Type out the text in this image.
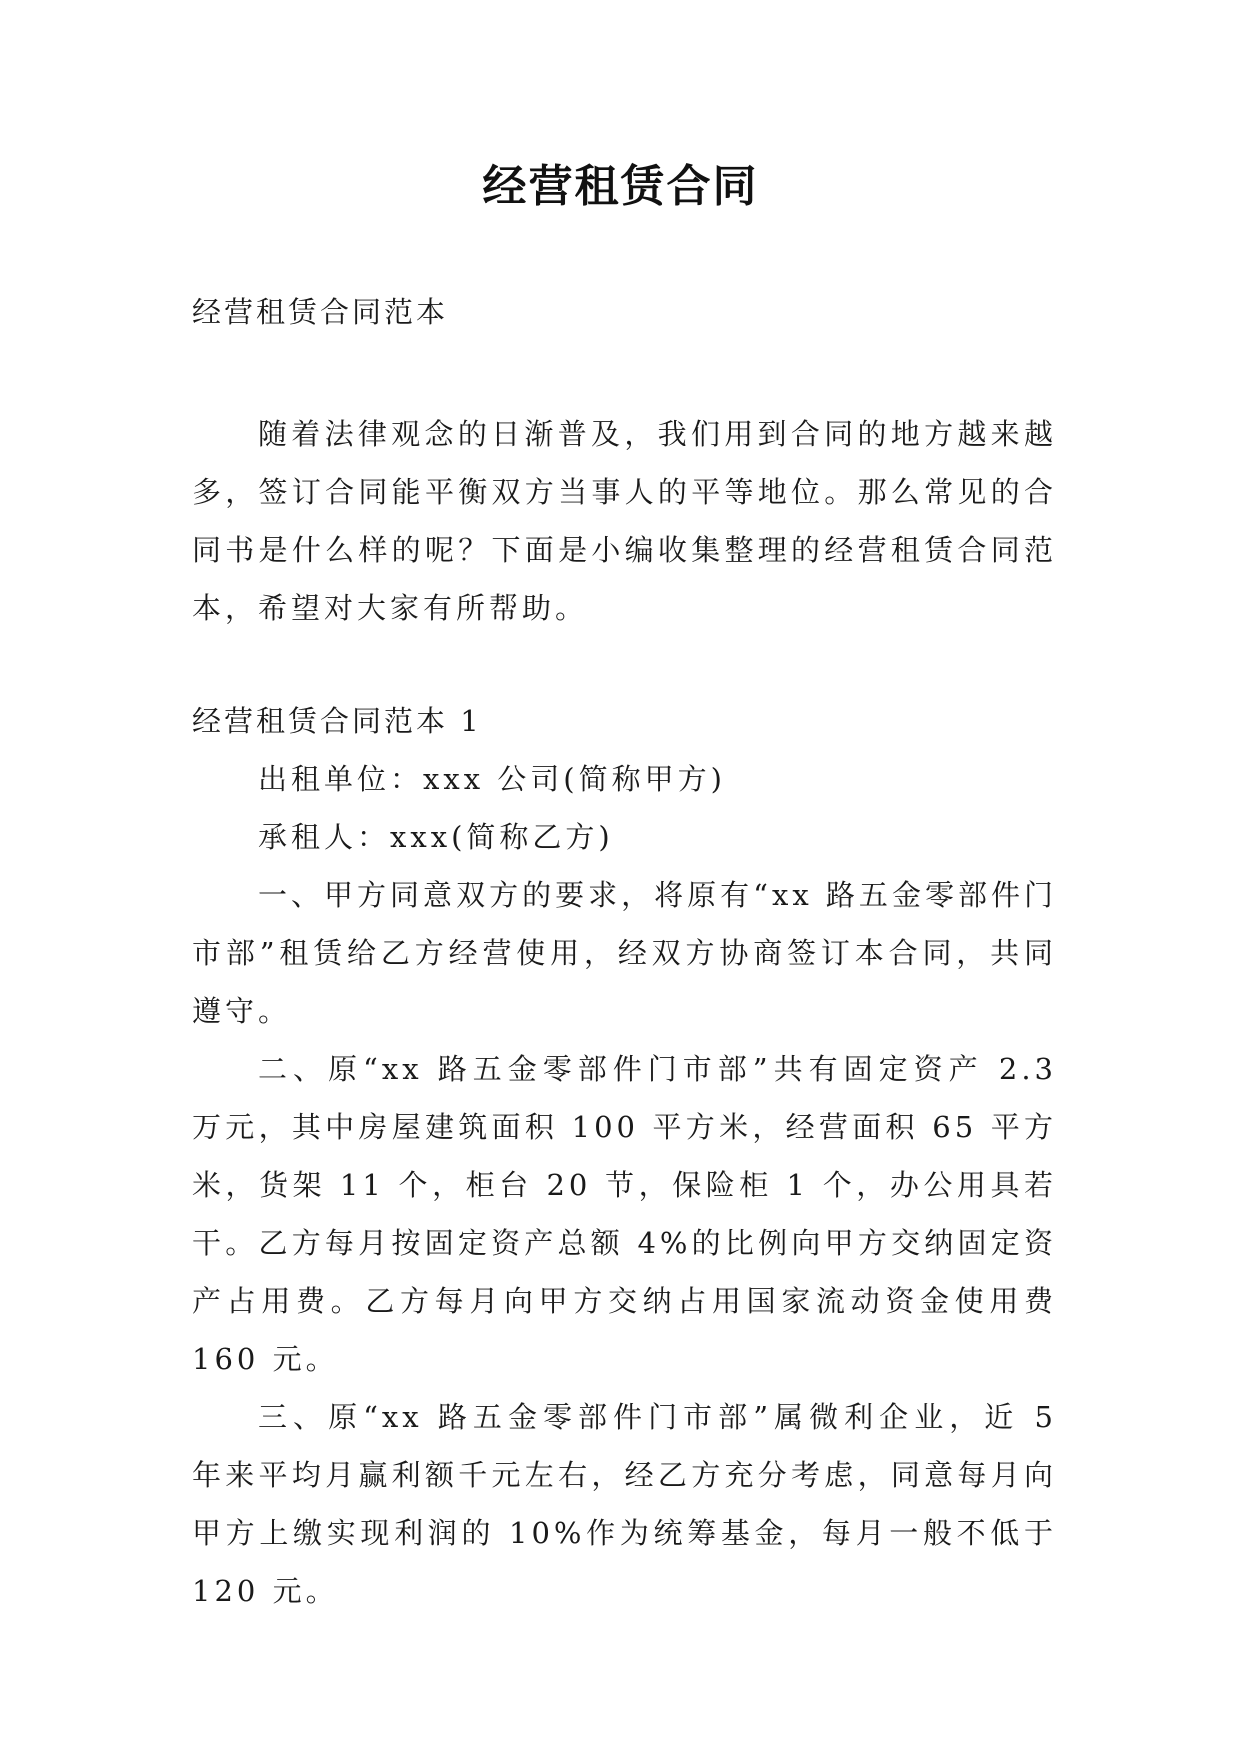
经营租赁合同

经营租赁合同范本

随着法律观念的日渐普及，我们用到合同的地方越来越多，签订合同能平衡双方当事人的平等地位。那么常见的合同书是什么样的呢？下面是小编收集整理的经营租赁合同范本，希望对大家有所帮助。

经营租赁合同范本 1

出租单位：xxx 公司(简称甲方)

承租人：xxx(简称乙方)

一、甲方同意双方的要求，将原有“xx 路五金零部件门市部”租赁给乙方经营使用，经双方协商签订本合同，共同遵守。

二、原“xx 路五金零部件门市部”共有固定资产 2.3 万元，其中房屋建筑面积 100 平方米，经营面积 65 平方米，货架 11 个，柜台 20 节，保险柜 1 个，办公用具若干。乙方每月按固定资产总额 4%的比例向甲方交纳固定资产占用费。乙方每月向甲方交纳占用国家流动资金使用费 160 元。

三、原“xx 路五金零部件门市部”属微利企业，近 5 年来平均月赢利额千元左右，经乙方充分考虑，同意每月向甲方上缴实现利润的 10%作为统筹基金，每月一般不低于 120 元。
